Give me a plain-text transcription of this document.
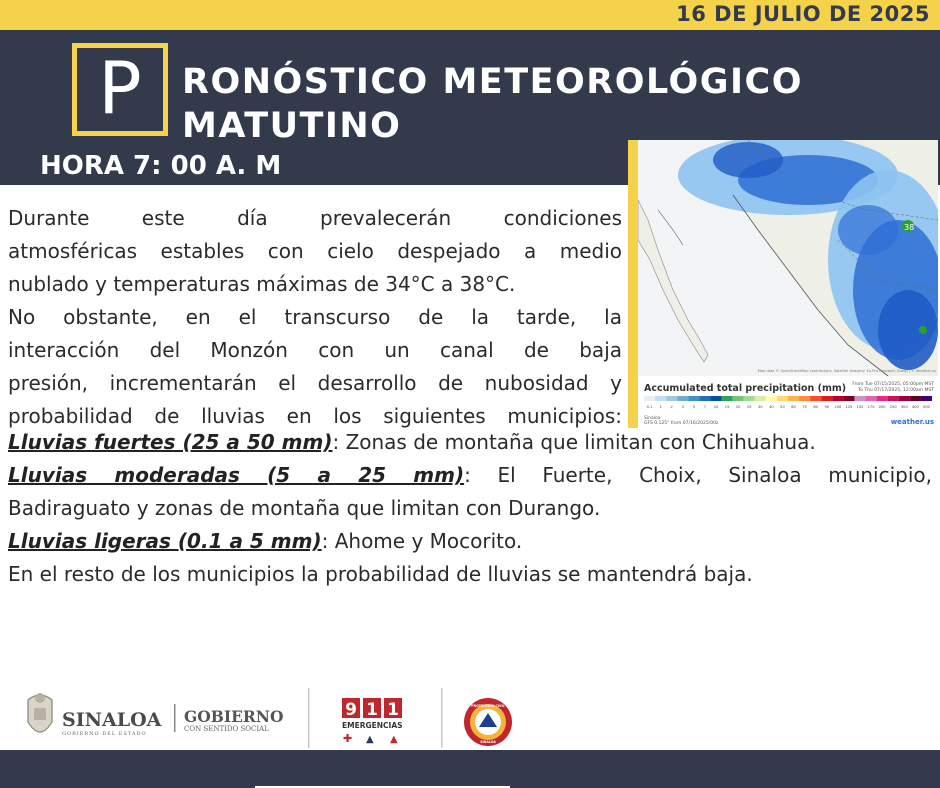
16 DE JULIO DE 2025
P	RONÓSTICO METEOROLÓGICO
MATUTINO
HORA 7: 00 A. M
38
Map data © OpenStreetMap contributors, Satellite Imagery: Ex-Pro Research Group | © Weather.us
Accumulated total precipitation (mm) From Tue 07/15/2025, 05:00pm MST
To Thu 07/17/2025, 12:00am MST
0.1 1 2 3 5 7 10 15 20 25 30 40 50 60 70 80 90 100 125 150 175 200 250 300 400 500
Sinaloa
GFS 0.125° from 07/16/2025/00z	weather.us
Durante este día prevalecerán condiciones
atmosféricas estables con cielo despejado a medio
nublado y temperaturas máximas de 34°C a 38°C.
No obstante, en el transcurso de la tarde, la
interacción del Monzón con un canal de baja
presión, incrementarán el desarrollo de nubosidad y
probabilidad de lluvias en los siguientes municipios:
Lluvias fuertes (25 a 50 mm): Zonas de montaña que limitan con Chihuahua.
Lluvias moderadas (5 a 25 mm): El Fuerte, Choix, Sinaloa municipio,
Badiraguato y zonas de montaña que limitan con Durango.
Lluvias ligeras (0.1 a 5 mm): Ahome y Mocorito.
En el resto de los municipios la probabilidad de lluvias se mantendrá baja.
SINALOA
GOBIERNO DEL ESTADO
GOBIERNO
CON SENTIDO SOCIAL
9 1 1
EMERGENCIAS
✚ ▲ ▲
PROTECCIÓN CIVIL
SINALOA
